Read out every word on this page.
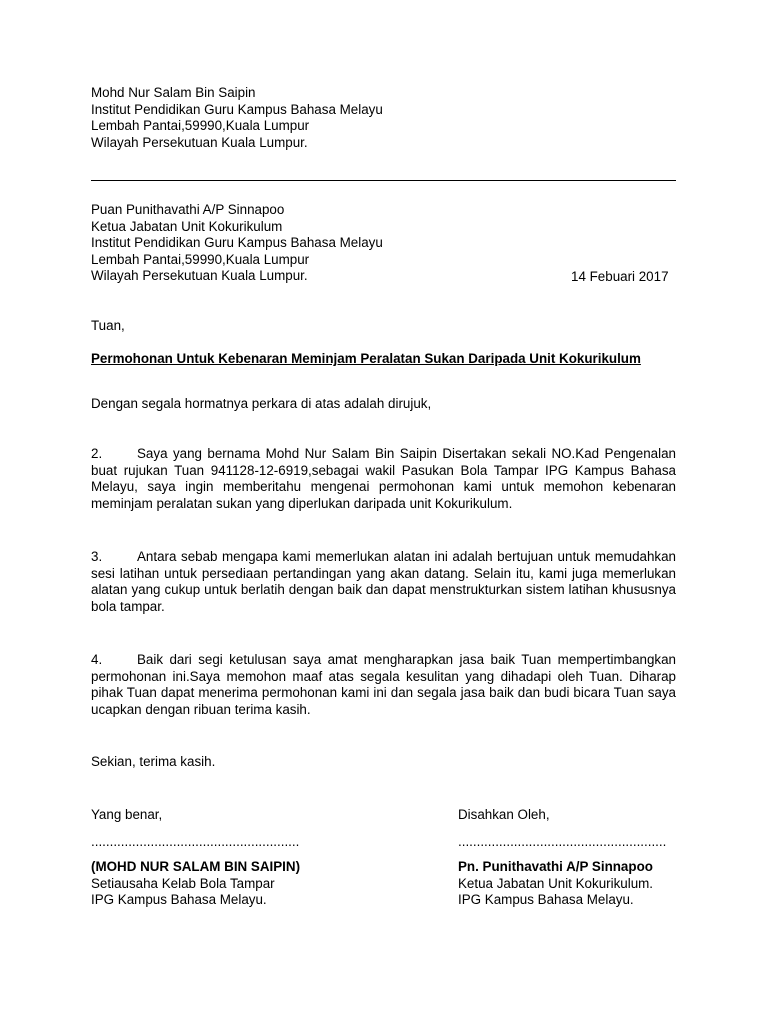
Mohd Nur Salam Bin Saipin
Institut Pendidikan Guru Kampus Bahasa Melayu
Lembah Pantai,59990,Kuala Lumpur
Wilayah Persekutuan Kuala Lumpur.
Puan Punithavathi A/P Sinnapoo
Ketua Jabatan Unit Kokurikulum
Institut Pendidikan Guru Kampus Bahasa Melayu
Lembah Pantai,59990,Kuala Lumpur
Wilayah Persekutuan Kuala Lumpur.	14 Febuari 2017
Tuan,
Permohonan Untuk Kebenaran Meminjam Peralatan Sukan Daripada Unit Kokurikulum
Dengan segala hormatnya perkara di atas adalah dirujuk,
2.	Saya yang bernama Mohd Nur Salam Bin Saipin Disertakan sekali NO.Kad Pengenalan buat rujukan Tuan 941128-12-6919,sebagai wakil Pasukan Bola Tampar IPG Kampus Bahasa Melayu, saya ingin memberitahu mengenai permohonan kami untuk memohon kebenaran meminjam peralatan sukan yang diperlukan daripada unit Kokurikulum.
3.	Antara sebab mengapa kami memerlukan alatan ini adalah bertujuan untuk memudahkan sesi latihan untuk persediaan pertandingan yang akan datang. Selain itu, kami juga memerlukan alatan yang cukup untuk berlatih dengan baik dan dapat menstrukturkan sistem latihan khususnya bola tampar.
4.	Baik dari segi ketulusan saya amat mengharapkan jasa baik Tuan mempertimbangkan permohonan ini.Saya memohon maaf atas segala kesulitan yang dihadapi oleh Tuan. Diharap pihak Tuan dapat menerima permohonan kami ini dan segala jasa baik dan budi bicara Tuan saya ucapkan dengan ribuan terima kasih.
Sekian, terima kasih.
Yang benar,
........................................................
(MOHD NUR SALAM BIN SAIPIN)
Setiausaha Kelab Bola Tampar
IPG Kampus Bahasa Melayu.
Disahkan Oleh,
........................................................
Pn. Punithavathi A/P Sinnapoo
Ketua Jabatan Unit Kokurikulum.
IPG Kampus Bahasa Melayu.
